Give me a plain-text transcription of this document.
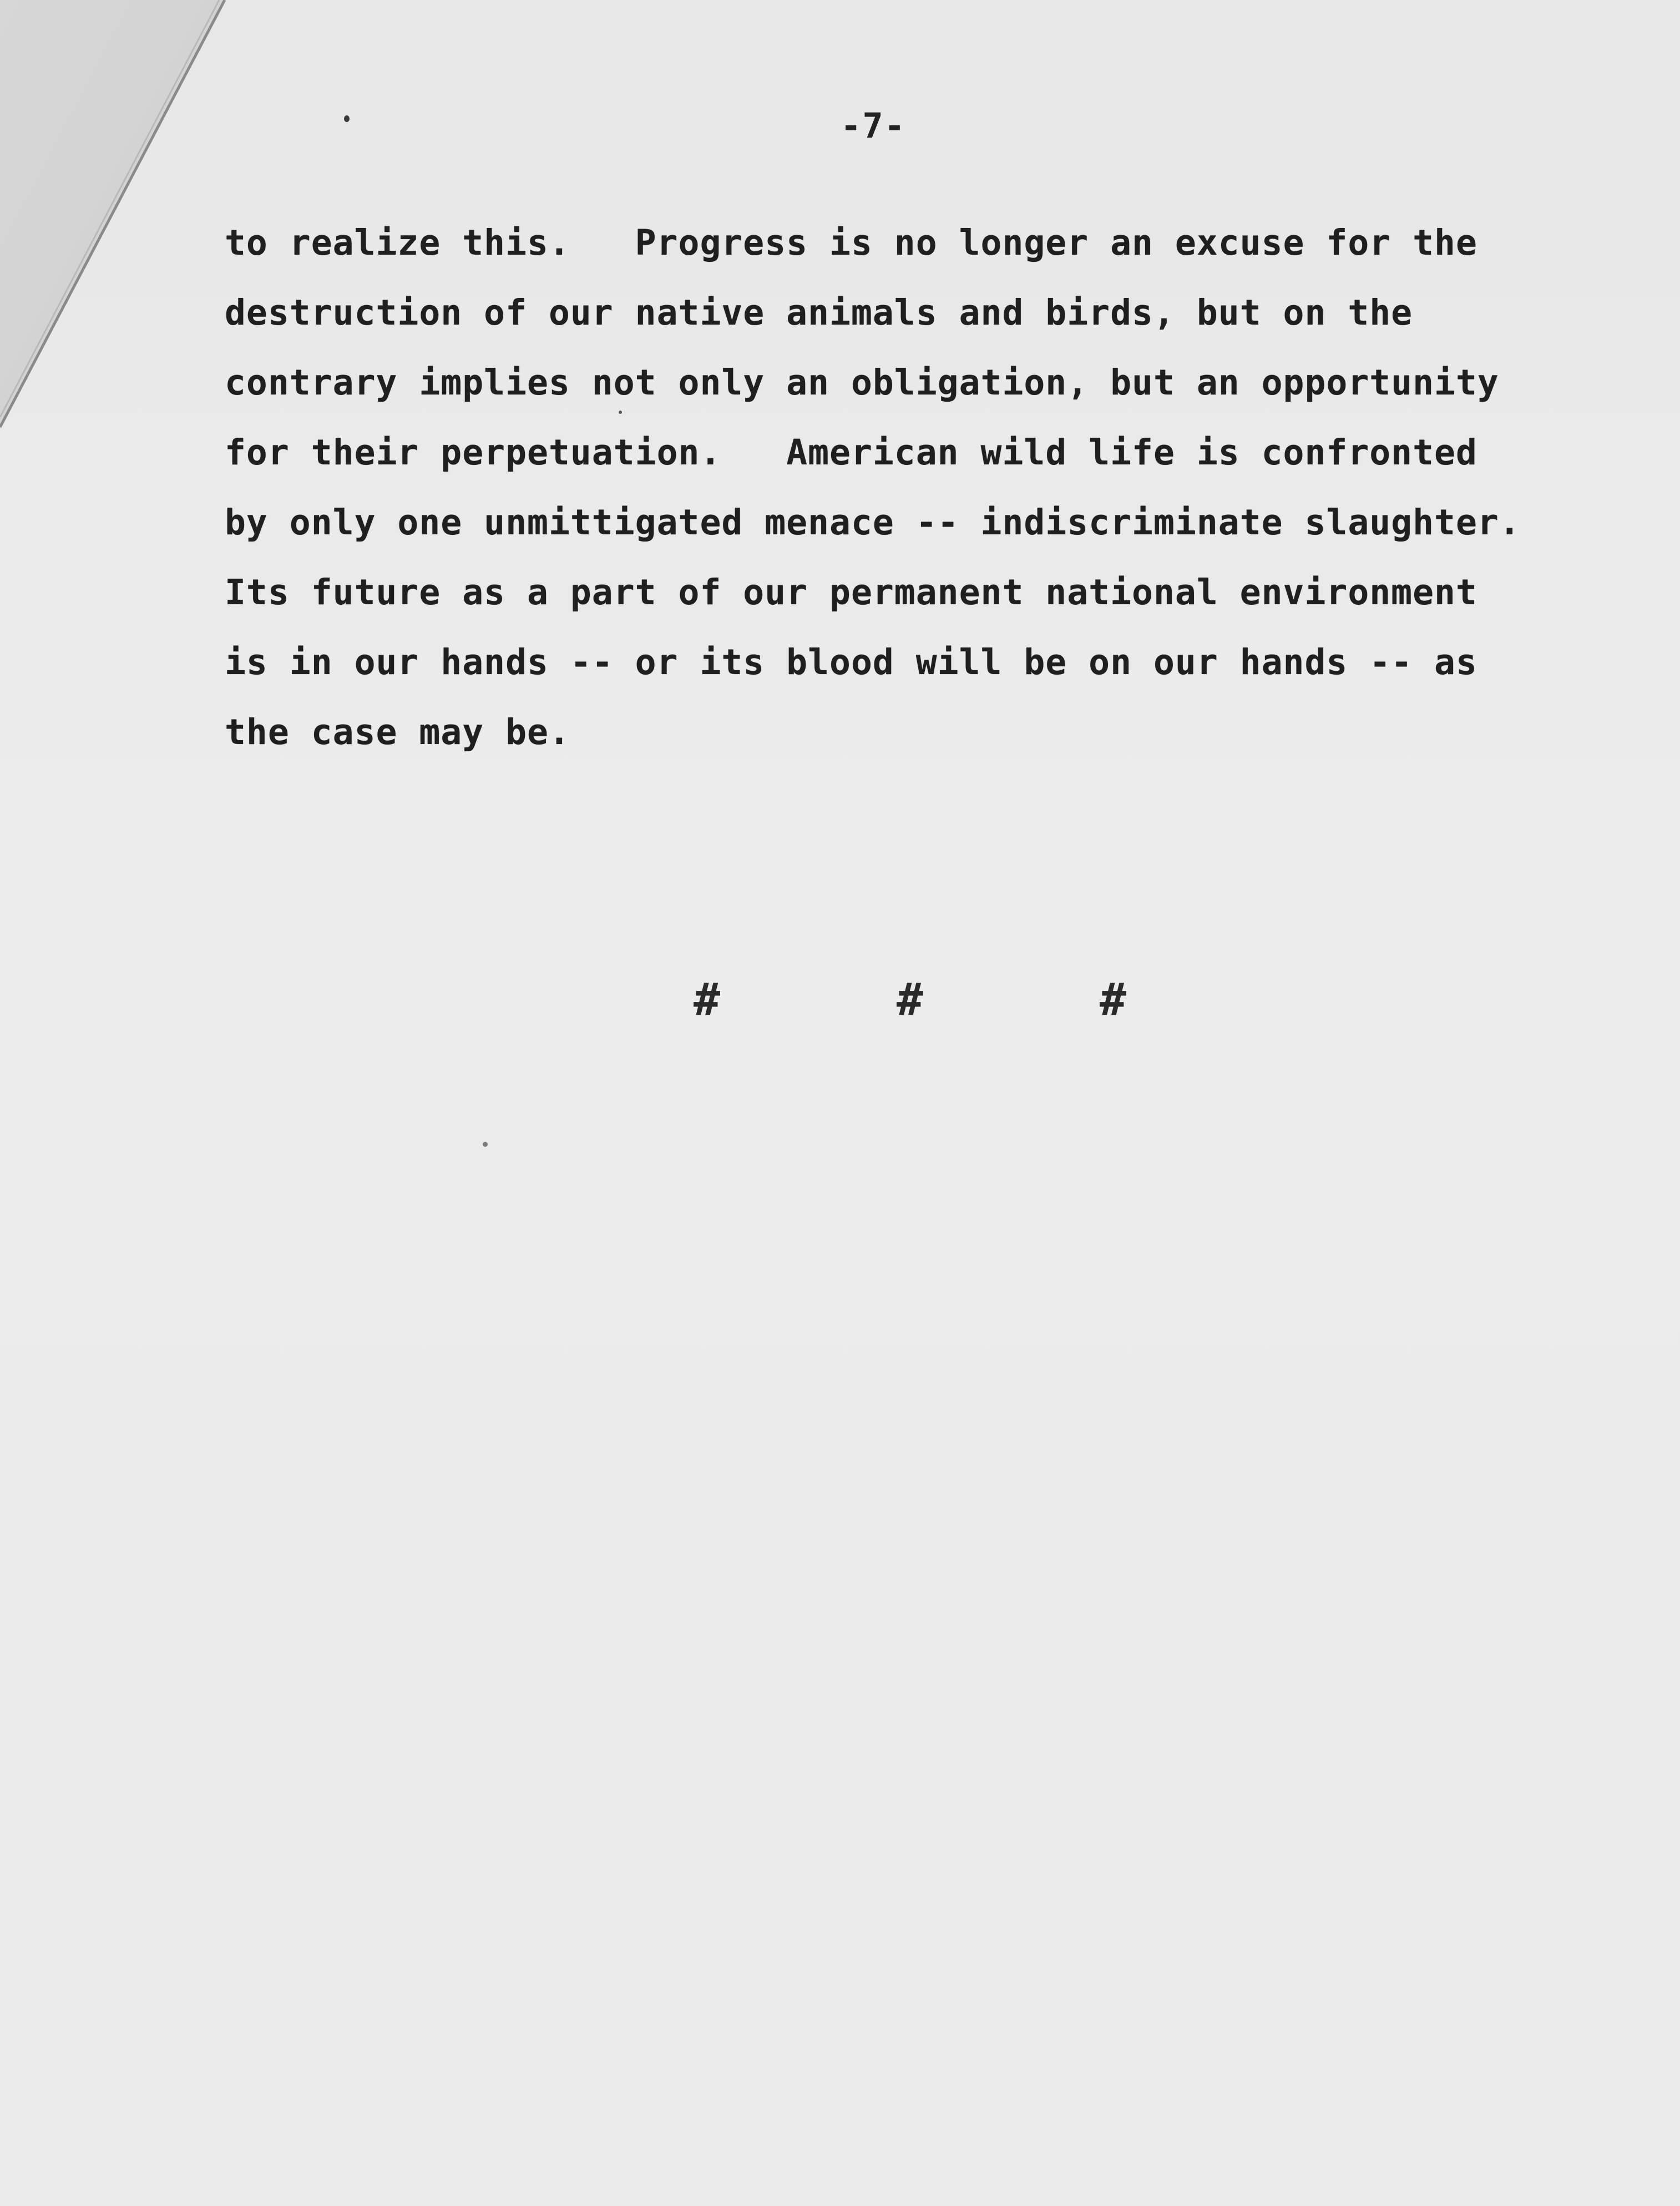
-7-
to realize this.   Progress is no longer an excuse for the
destruction of our native animals and birds, but on the
contrary implies not only an obligation, but an opportunity
for their perpetuation.   American wild life is confronted
by only one unmittigated menace -- indiscriminate slaughter.
Its future as a part of our permanent national environment
is in our hands -- or its blood will be on our hands -- as
the case may be.
#	#	#
